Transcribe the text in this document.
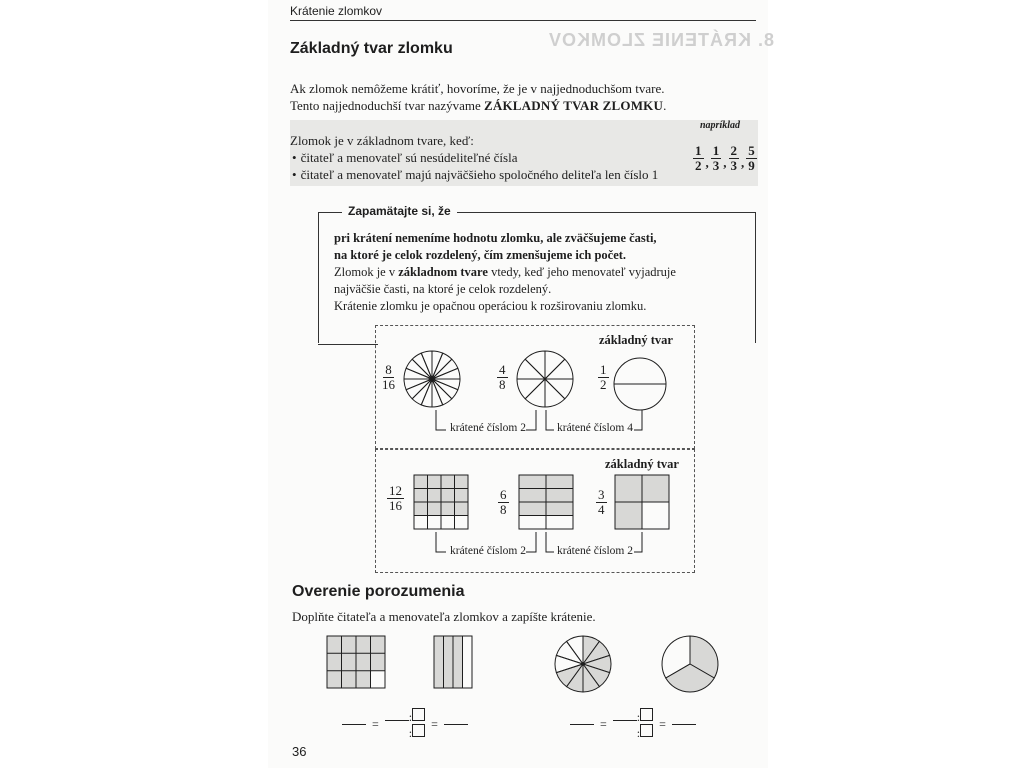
Krátenie zlomkov
8. KRÁTENIE ZLOMKOV
Základný tvar zlomku
Ak zlomok nemôžeme krátiť, hovoríme, že je v najjednoduchšom tvare.
Tento najjednoduchší tvar nazývame ZÁKLADNÝ TVAR ZLOMKU.
Zlomok je v základnom tvare, keď:
• čitateľ a menovateľ sú nesúdeliteľné čísla
• čitateľ a menovateľ majú najväčšieho spoločného deliteľa len číslo 1
napríklad
$\frac{1}{2}$ , $\frac{1}{3}$ , $\frac{2}{3}$ , $\frac{5}{9}$
Zapamätajte si, že
pri krátení nemeníme hodnotu zlomku, ale zväčšujeme časti,
na ktoré je celok rozdelený, čím zmenšujeme ich počet.
Zlomok je v základnom tvare vtedy, keď jeho menovateľ vyjadruje
najväčšie časti, na ktoré je celok rozdelený.
Krátenie zlomku je opačnou operáciou k rozširovaniu zlomku.
základný tvar
$\frac{8}{16}$	$\frac{4}{8}$	$\frac{1}{2}$
krátené číslom 2	krátené číslom 4
základný tvar
$\frac{12}{16}$	$\frac{6}{8}$	$\frac{3}{4}$
krátené číslom 2	krátené číslom 2
Overenie porozumenia
Doplňte čitateľa a menovateľa zlomkov a zapíšte krátenie.
=	:
:
=	=	:
:
=
36
